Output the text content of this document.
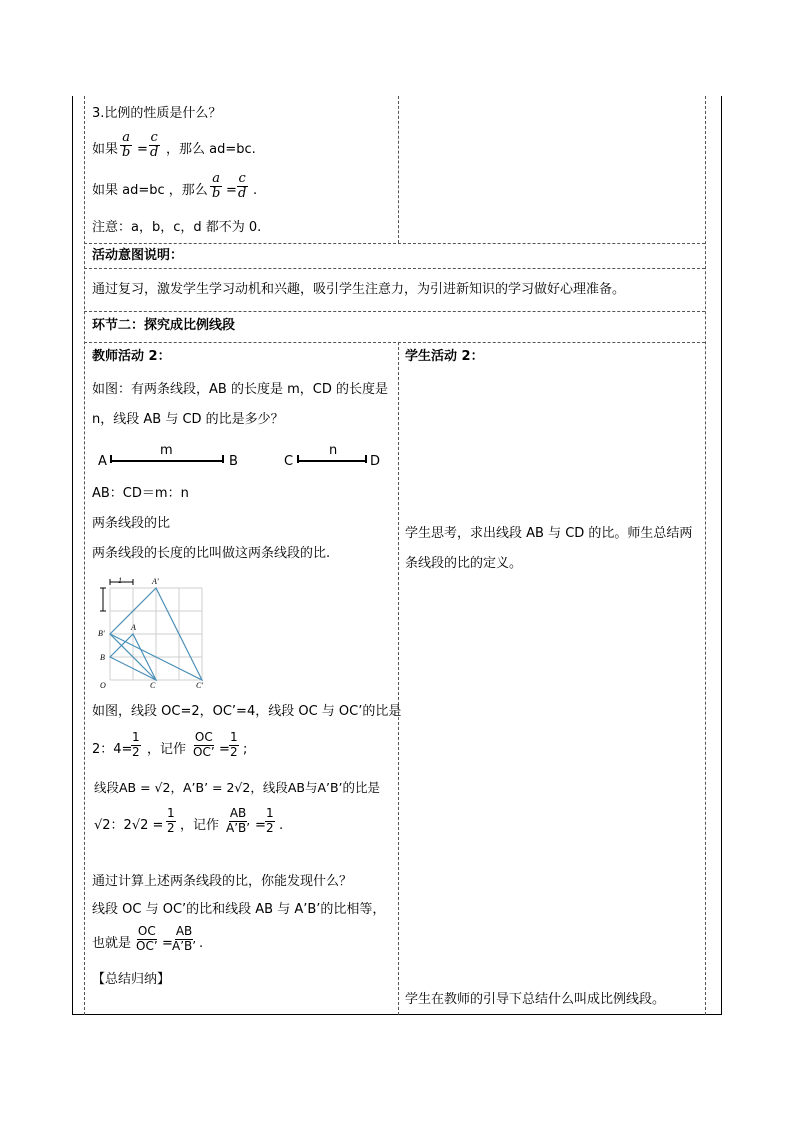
3.比例的性质是什么？
如果 $\frac{a}{b} = \frac{c}{d}$ ，那么 ad=bc.
如果 ad=bc ，那么 $\frac{a}{b} = \frac{c}{d}$ .
注意：a，b，c，d 都不为 0.
活动意图说明：
通过复习，激发学生学习动机和兴趣，吸引学生注意力，为引进新知识的学习做好心理准备。
环节二：探究成比例线段
教师活动 2：
如图：有两条线段，AB 的长度是 m，CD 的长度是
n，线段 AB 与 CD 的比是多少？
A
m
B	C
n
D
AB：CD＝m：n
两条线段的比
两条线段的长度的比叫做这两条线段的比.
1	A'
A
B'
B
O	C	C'
如图，线段 OC=2，OC’=4，线段 OC 与 OC’的比是
2：4=
$\frac{1}{2}$ ，记作 $\frac{OC}{OC’} = \frac{1}{2}$ ;
线段AB = √2，A’B’ = 2√2，线段AB与A’B’的比是
√2：$2√2 = \frac{1}{2}$ ，记作 $\frac{AB}{A’B’} = \frac{1}{2}$ .
通过计算上述两条线段的比，你能发现什么？
线段 OC 与 OC’的比和线段 AB 与 A’B’的比相等，
也就是 $\frac{OC}{OC’} = \frac{AB}{A’B’}$ .
【总结归纳】
学生活动 2：
学生思考，求出线段 AB 与 CD 的比。师生总结两
条线段的比的定义。
学生在教师的引导下总结什么叫成比例线段。
